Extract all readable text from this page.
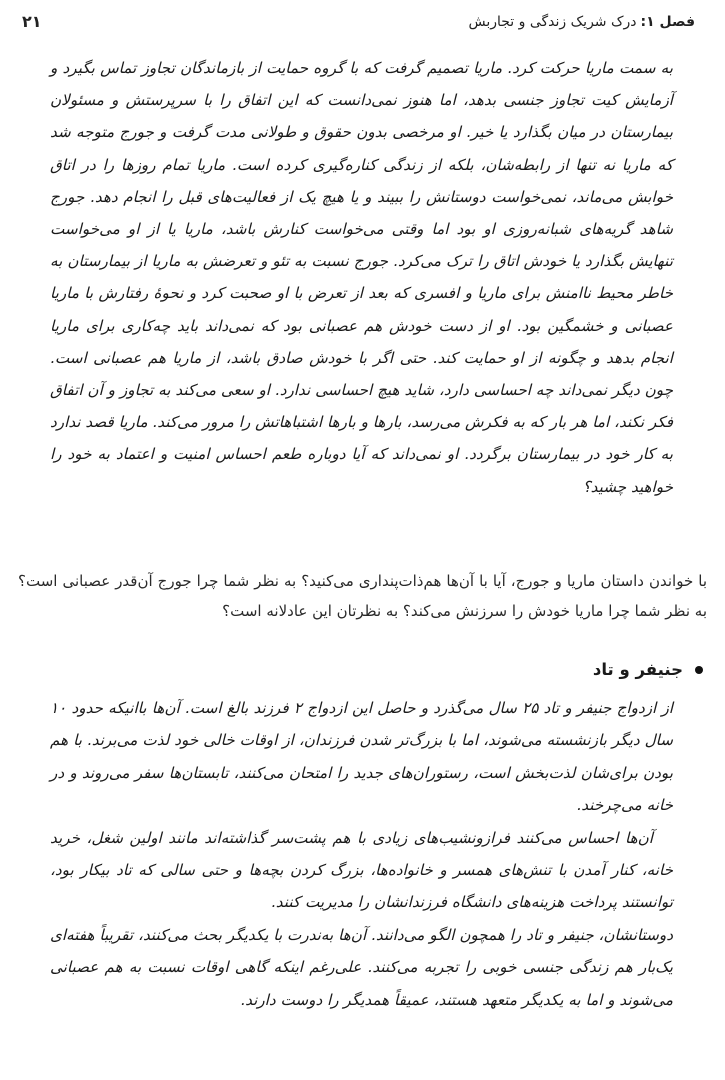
فصل ۱:
درک شریک زندگی و تجاربش
۲۱

به سمت ماریا حرکت کرد. ماریا تصمیم گرفت که با گروه حمایت از بازماندگان تجاوز تماس بگیرد و آزمایش کیت تجاوز جنسی بدهد، اما هنوز نمی‌دانست که این اتفاق را با سرپرستش و مسئولان بیمارستان در میان بگذارد یا خیر. او مرخصی بدون حقوق و طولانی مدت گرفت و جورج متوجه شد که ماریا نه تنها از رابطه‌شان، بلکه از زندگی کناره‌گیری کرده است. ماریا تمام روزها را در اتاق خوابش می‌ماند، نمی‌خواست دوستانش را ببیند و یا هیچ یک از فعالیت‌های قبل را انجام دهد. جورج شاهد گریه‌های شبانه‌روزی او بود اما وقتی می‌خواست کنارش باشد، ماریا یا از او می‌خواست تنهایش بگذارد یا خودش اتاق را ترک می‌کرد. جورج نسبت به تئو و تعرضش به ماریا از بیمارستان به خاطر محیط ناامنش برای ماریا و افسری که بعد از تعرض با او صحبت کرد و نحوهٔ رفتارش با ماریا عصبانی و خشمگین بود. او از دست خودش هم عصبانی بود که نمی‌داند باید چه‌کاری برای ماریا انجام بدهد و چگونه از او حمایت کند. حتی اگر با خودش صادق باشد، از ماریا هم عصبانی است. چون دیگر نمی‌داند چه احساسی دارد، شاید هیچ احساسی ندارد. او سعی می‌کند به تجاوز و آن اتفاق فکر نکند، اما هر بار که به فکرش می‌رسد، بارها و بارها اشتباهاتش را مرور می‌کند. ماریا قصد ندارد به کار خود در بیمارستان برگردد. او نمی‌داند که آیا دوباره طعم احساس امنیت و اعتماد به خود را خواهید چشید؟

با خواندن داستان ماریا و جورج، آیا با آن‌ها هم‌ذات‌پنداری می‌کنید؟ به نظر شما چرا جورج آن‌قدر عصبانی است؟ به نظر شما چرا ماریا خودش را سرزنش می‌کند؟ به نظرتان این عادلانه است؟

جنیفر و تاد

از ازدواج جنیفر و تاد ۲۵ سال می‌گذرد و حاصل این ازدواج ۲ فرزند بالغ است. آن‌ها باانیکه حدود ۱۰ سال دیگر بازنشسته می‌شوند، اما با بزرگ‌تر شدن فرزندان، از اوقات خالی خود لذت می‌برند. با هم بودن برای‌شان لذت‌بخش است، رستوران‌های جدید را امتحان می‌کنند، تابستان‌ها سفر می‌روند و در خانه می‌چرخند.

آن‌ها احساس می‌کنند فرازونشیب‌های زیادی با هم پشت‌سر گذاشته‌اند مانند اولین شغل، خرید خانه، کنار آمدن با تنش‌های همسر و خانواده‌ها، بزرگ کردن بچه‌ها و حتی سالی که تاد بیکار بود، توانستند پرداخت هزینه‌های دانشگاه فرزندانشان را مدیریت کنند.

دوستانشان، جنیفر و تاد را همچون الگو می‌دانند. آن‌ها به‌ندرت با یکدیگر بحث می‌کنند، تقریباً هفته‌ای یک‌بار هم زندگی جنسی خوبی را تجربه می‌کنند. علی‌رغم اینکه گاهی اوقات نسبت به هم عصبانی می‌شوند و اما به یکدیگر متعهد هستند، عمیقاً همدیگر را دوست دارند.
